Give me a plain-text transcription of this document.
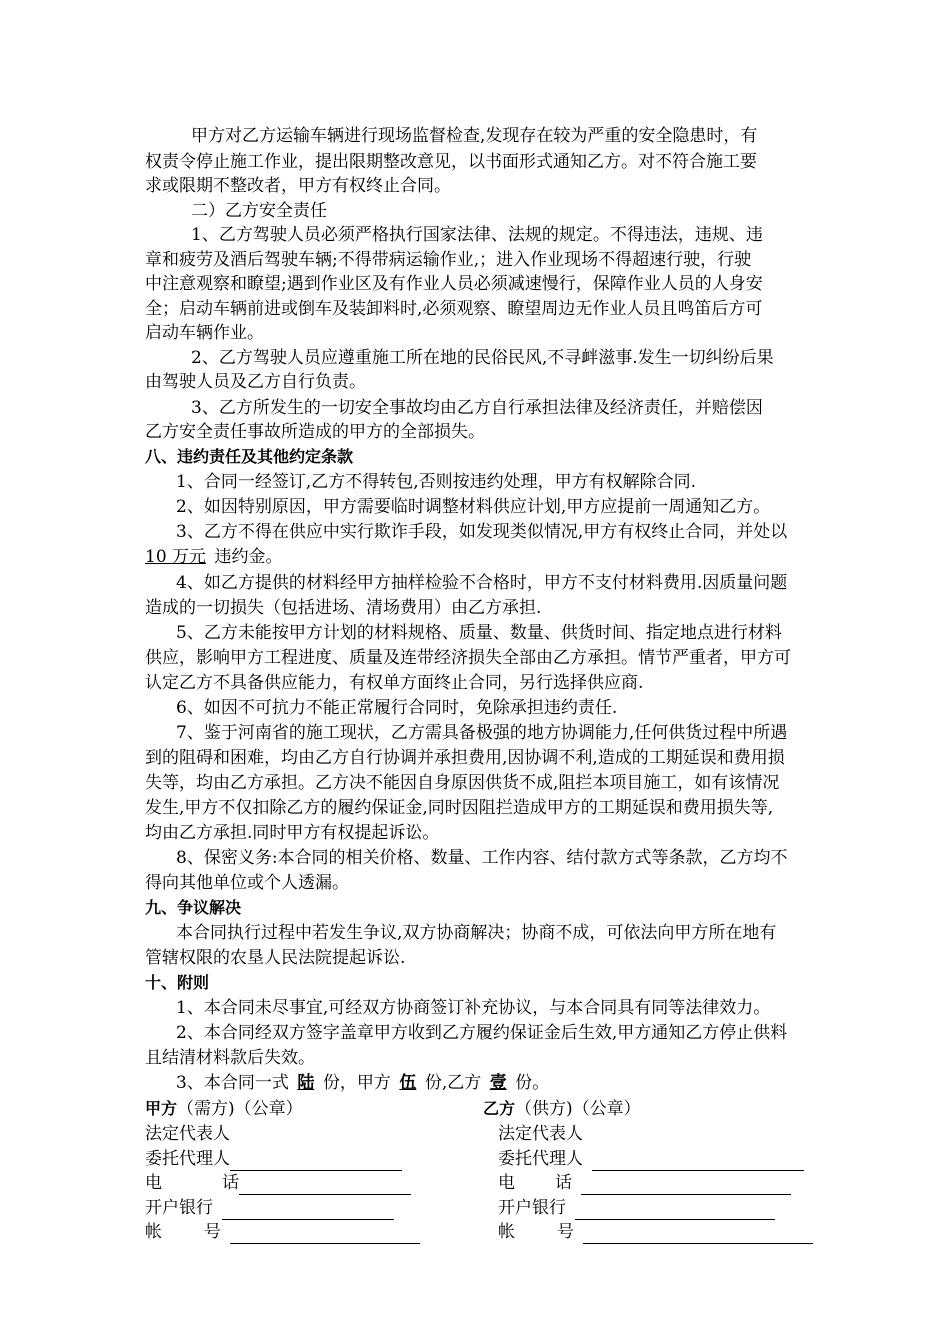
甲方对乙方运输车辆进行现场监督检查,发现存在较为严重的安全隐患时，有
权责令停止施工作业，提出限期整改意见，以书面形式通知乙方。对不符合施工要
求或限期不整改者，甲方有权终止合同。
二）乙方安全责任
1、乙方驾驶人员必须严格执行国家法律、法规的规定。不得违法，违规、违
章和疲劳及酒后驾驶车辆;不得带病运输作业,；进入作业现场不得超速行驶，行驶
中注意观察和瞭望;遇到作业区及有作业人员必须减速慢行，保障作业人员的人身安
全；启动车辆前进或倒车及装卸料时,必须观察、瞭望周边无作业人员且鸣笛后方可
启动车辆作业。
2、乙方驾驶人员应遵重施工所在地的民俗民风,不寻衅滋事.发生一切纠纷后果
由驾驶人员及乙方自行负责。
3、乙方所发生的一切安全事故均由乙方自行承担法律及经济责任，并赔偿因
乙方安全责任事故所造成的甲方的全部损失。
八、违约责任及其他约定条款
1、合同一经签订,乙方不得转包,否则按违约处理，甲方有权解除合同.
2、如因特别原因，甲方需要临时调整材料供应计划,甲方应提前一周通知乙方。
3、乙方不得在供应中实行欺诈手段，如发现类似情况,甲方有权终止合同，并处以
10 万元  违约金。
4、如乙方提供的材料经甲方抽样检验不合格时，甲方不支付材料费用.因质量问题
造成的一切损失（包括进场、清场费用）由乙方承担.
5、乙方未能按甲方计划的材料规格、质量、数量、供货时间、指定地点进行材料
供应，影响甲方工程进度、质量及连带经济损失全部由乙方承担。情节严重者，甲方可
认定乙方不具备供应能力，有权单方面终止合同，另行选择供应商.
6、如因不可抗力不能正常履行合同时，免除承担违约责任.
7、鉴于河南省的施工现状，乙方需具备极强的地方协调能力,任何供货过程中所遇
到的阻碍和困难，均由乙方自行协调并承担费用,因协调不利,造成的工期延误和费用损
失等，均由乙方承担。乙方决不能因自身原因供货不成,阻拦本项目施工，如有该情况
发生,甲方不仅扣除乙方的履约保证金,同时因阻拦造成甲方的工期延误和费用损失等,
均由乙方承担.同时甲方有权提起诉讼。
8、保密义务:本合同的相关价格、数量、工作内容、结付款方式等条款，乙方均不
得向其他单位或个人透漏。
九、争议解决
本合同执行过程中若发生争议,双方协商解决；协商不成，可依法向甲方所在地有
管辖权限的农垦人民法院提起诉讼.
十、附则
1、本合同未尽事宜,可经双方协商签订补充协议，与本合同具有同等法律效力。
2、本合同经双方签字盖章甲方收到乙方履约保证金后生效,甲方通知乙方停止供料
且结清材料款后失效。
3、本合同一式  陆  份，甲方  伍  份,乙方  壹  份。
甲方（需方)（公章）
法定代表人
委托代理人
电	话
开户银行 
帐 号 
乙方（供方)（公章）
法定代表人
委托代理人 
电 话 
开户银行 
帐 号 
